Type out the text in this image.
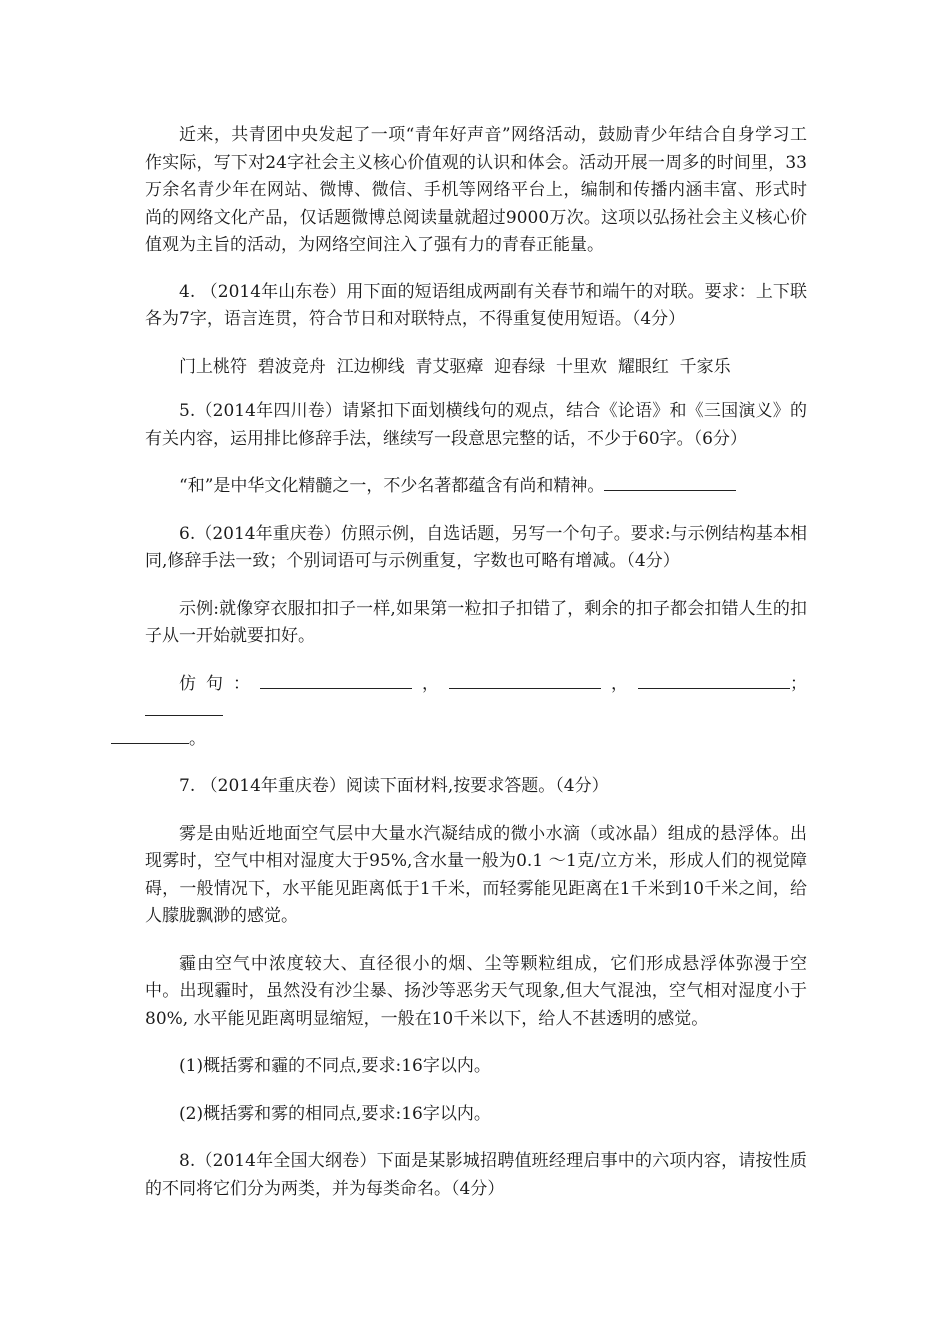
近来，共青团中央发起了一项“青年好声音”网络活动，鼓励青少年结合自身学习工作实际，写下对24字社会主义核心价值观的认识和体会。活动开展一周多的时间里，33万余名青少年在网站、微博、微信、手机等网络平台上，编制和传播内涵丰富、形式时尚的网络文化产品，仅话题微博总阅读量就超过9000万次。这项以弘扬社会主义核心价值观为主旨的活动，为网络空间注入了强有力的青春正能量。

4. （2014年山东卷）用下面的短语组成两副有关春节和端午的对联。要求：上下联各为7字，语言连贯，符合节日和对联特点，不得重复使用短语。（4分）

门上桃符  碧波竞舟  江边柳线  青艾驱瘴  迎春绿  十里欢  耀眼红  千家乐

5.（2014年四川卷）请紧扣下面划横线句的观点，结合《论语》和《三国演义》的有关内容，运用排比修辞手法，继续写一段意思完整的话，不少于60字。（6分）

“和”是中华文化精髓之一，不少名著都蕴含有尚和精神。

6.（2014年重庆卷）仿照示例，自选话题，另写一个句子。要求:与示例结构基本相同,修辞手法一致；个别词语可与示例重复，字数也可略有增减。（4分）

示例:就像穿衣服扣扣子一样,如果第一粒扣子扣错了，剩余的扣子都会扣错人生的扣子从一开始就要扣好。

仿句：	，	，	；
。

7. （2014年重庆卷）阅读下面材料,按要求答题。（4分）

雾是由贴近地面空气层中大量水汽凝结成的微小水滴（或冰晶）组成的悬浮体。出现雾时，空气中相对湿度大于95%,含水量一般为0.1 ～1克/立方米，形成人们的视觉障碍，一般情况下，水平能见距离低于1千米，而轻雾能见距离在1千米到10千米之间，给人朦胧飘渺的感觉。

霾由空气中浓度较大、直径很小的烟、尘等颗粒组成，它们形成悬浮体弥漫于空中。出现霾时，虽然没有沙尘暴、扬沙等恶劣天气现象,但大气混浊，空气相对湿度小于80%, 水平能见距离明显缩短，一般在10千米以下，给人不甚透明的感觉。

(1)概括雾和霾的不同点,要求:16字以内。

(2)概括雾和雾的相同点,要求:16字以内。

8.（2014年全国大纲卷）下面是某影城招聘值班经理启事中的六项内容，请按性质的不同将它们分为两类，并为每类命名。（4分）
